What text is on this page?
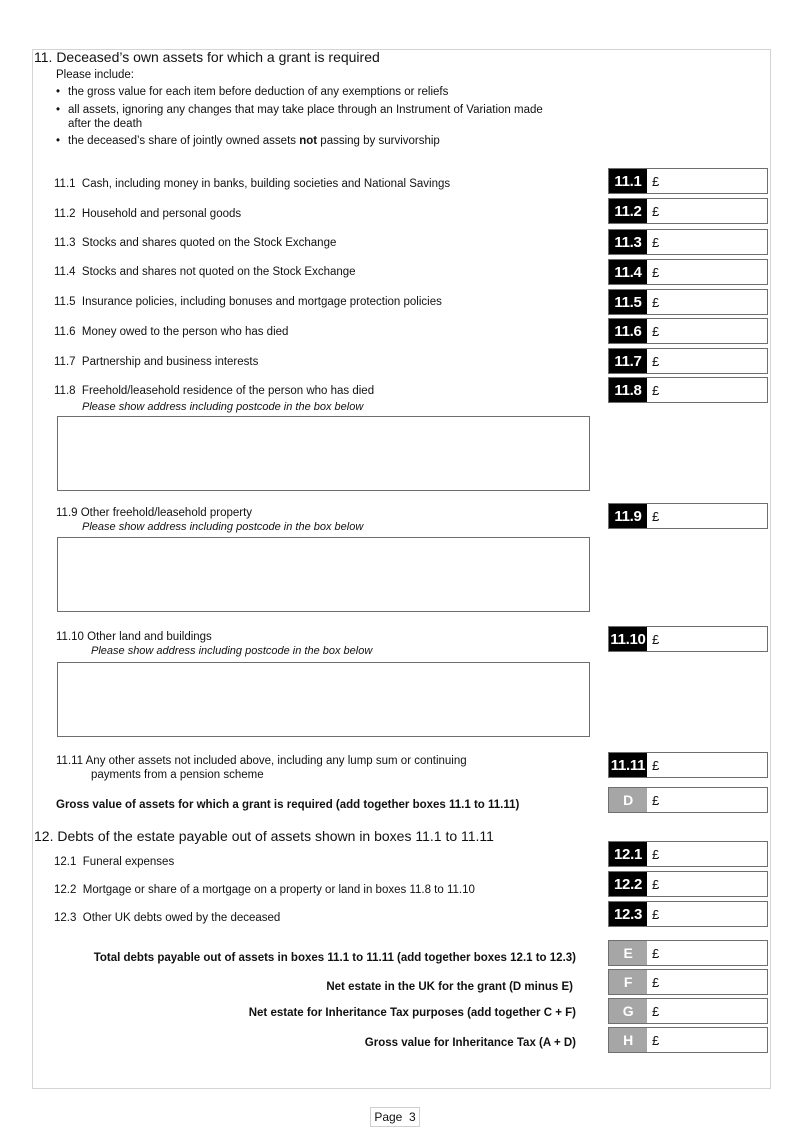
11. Deceased’s own assets for which a grant is required
Please include:
• the gross value for each item before deduction of any exemptions or reliefs
• all assets, ignoring any changes that may take place through an Instrument of Variation made
after the death
• the deceased’s share of jointly owned assets not passing by survivorship
11.1 Cash, including money in banks, building societies and National Savings	11.1 £
11.2 Household and personal goods	11.2 £
11.3 Stocks and shares quoted on the Stock Exchange	11.3 £
11.4 Stocks and shares not quoted on the Stock Exchange	11.4 £
11.5 Insurance policies, including bonuses and mortgage protection policies	11.5 £
11.6 Money owed to the person who has died	11.6 £
11.7 Partnership and business interests	11.7 £
11.8 Freehold/leasehold residence of the person who has died
Please show address including postcode in the box below
11.8 £
11.9 Other freehold/leasehold property
Please show address including postcode in the box below
11.9 £
11.10 Other land and buildings
Please show address including postcode in the box below
11.10 £
11.11 Any other assets not included above, including any lump sum or continuing
payments from a pension scheme
11.11 £
Gross value of assets for which a grant is required (add together boxes 11.1 to 11.11)	D	£
12. Debts of the estate payable out of assets shown in boxes 11.1 to 11.11
12.1 Funeral expenses	12.1 £
12.2 Mortgage or share of a mortgage on a property or land in boxes 11.8 to 11.10	12.2 £
12.3 Other UK debts owed by the deceased	12.3 £
Total debts payable out of assets in boxes 11.1 to 11.11 (add together boxes 12.1 to 12.3)	E	£
Net estate in the UK for the grant (D minus E)	F	£
Net estate for Inheritance Tax purposes (add together C + F)	G	£
Gross value for Inheritance Tax (A + D)	H	£
Page  3
